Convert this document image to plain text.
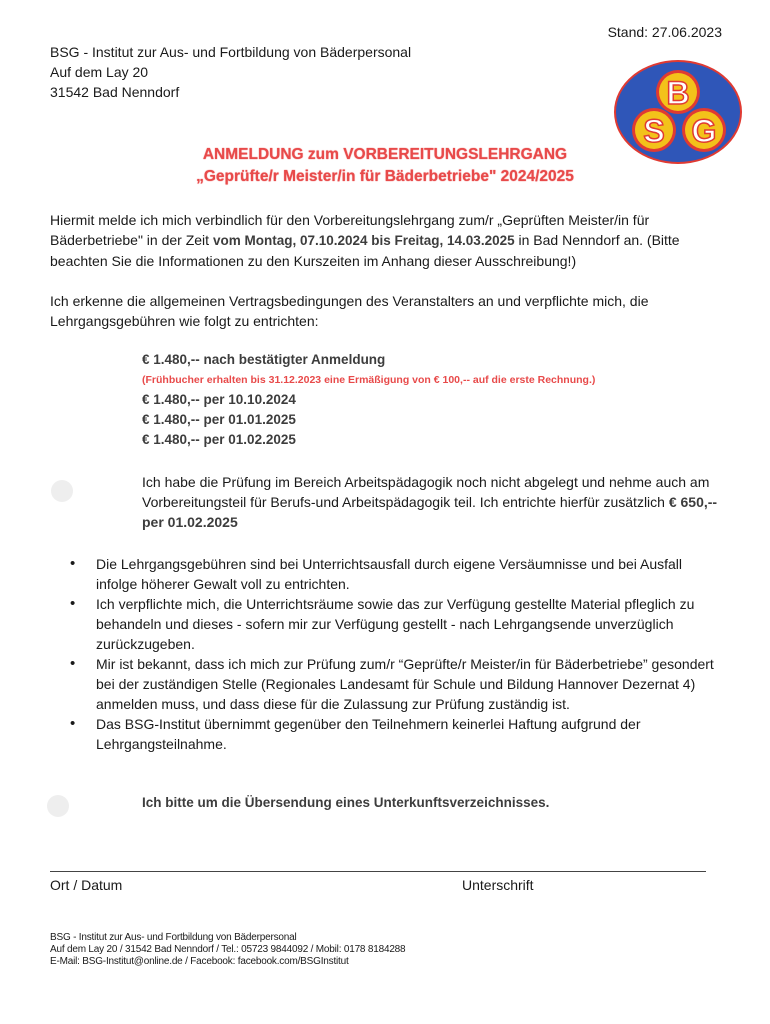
Stand: 27.06.2023
BSG - Institut zur Aus- und Fortbildung von Bäderpersonal
Auf dem Lay 20
31542 Bad Nenndorf	B
S G
ANMELDUNG zum VORBEREITUNGSLEHRGANG
„Geprüfte/r Meister/in für Bäderbetriebe" 2024/2025
Hiermit melde ich mich verbindlich für den Vorbereitungslehrgang zum/r „Geprüften Meister/in für Bäderbetriebe" in der Zeit vom Montag, 07.10.2024 bis Freitag, 14.03.2025 in Bad Nenndorf an. (Bitte beachten Sie die Informationen zu den Kurszeiten im Anhang dieser Ausschreibung!)
Ich erkenne die allgemeinen Vertragsbedingungen des Veranstalters an und verpflichte mich, die Lehrgangsgebühren wie folgt zu entrichten:
€ 1.480,-- nach bestätigter Anmeldung
(Frühbucher erhalten bis 31.12.2023 eine Ermäßigung von € 100,-- auf die erste Rechnung.)
€ 1.480,-- per 10.10.2024
€ 1.480,-- per 01.01.2025
€ 1.480,-- per 01.02.2025
Ich habe die Prüfung im Bereich Arbeitspädagogik noch nicht abgelegt und nehme auch am Vorbereitungsteil für Berufs-und Arbeitspädagogik teil. Ich entrichte hierfür zusätzlich € 650,-- per 01.02.2025
• Die Lehrgangsgebühren sind bei Unterrichtsausfall durch eigene Versäumnisse und bei Ausfall infolge höherer Gewalt voll zu entrichten.
• Ich verpflichte mich, die Unterrichtsräume sowie das zur Verfügung gestellte Material pfleglich zu behandeln und dieses - sofern mir zur Verfügung gestellt - nach Lehrgangsende unverzüglich zurückzugeben.
• Mir ist bekannt, dass ich mich zur Prüfung zum/r “Geprüfte/r Meister/in für Bäderbetriebe” gesondert bei der zuständigen Stelle (Regionales Landesamt für Schule und Bildung Hannover Dezernat 4) anmelden muss, und dass diese für die Zulassung zur Prüfung zuständig ist.
• Das BSG-Institut übernimmt gegenüber den Teilnehmern keinerlei Haftung aufgrund der Lehrgangsteilnahme.
Ich bitte um die Übersendung eines Unterkunftsverzeichnisses.
Ort / Datum	Unterschrift
BSG - Institut zur Aus- und Fortbildung von Bäderpersonal
Auf dem Lay 20 / 31542 Bad Nenndorf / Tel.: 05723 9844092 / Mobil: 0178 8184288
E-Mail: BSG-Institut@online.de / Facebook: facebook.com/BSGInstitut
